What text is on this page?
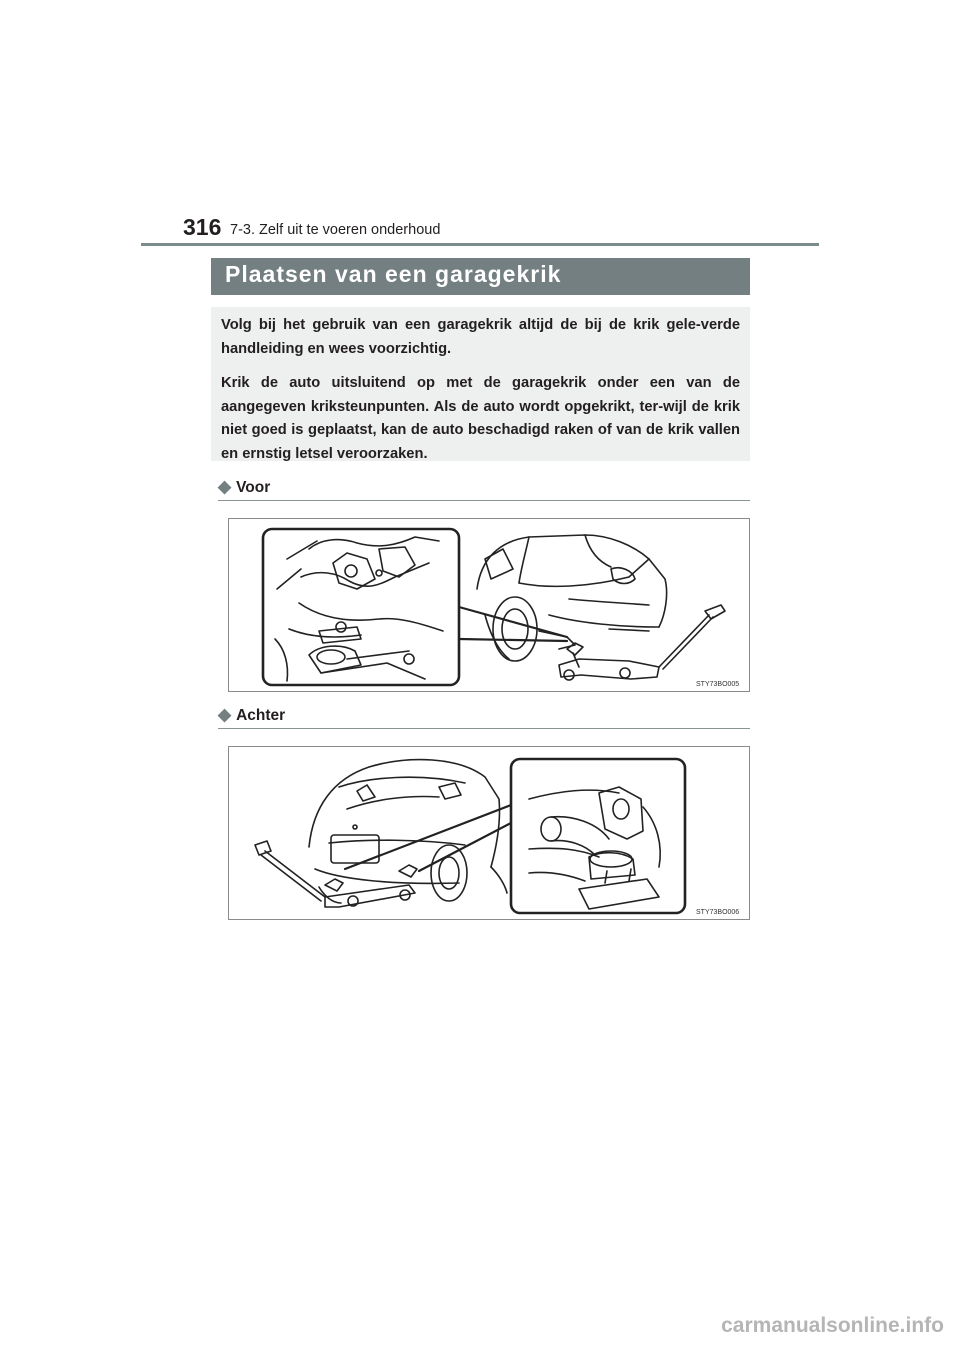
316 7-3. Zelf uit te voeren onderhoud
Plaatsen van een garagekrik

Volg bij het gebruik van een garagekrik altijd de bij de krik gele-verde handleiding en wees voorzichtig.

Krik de auto uitsluitend op met de garagekrik onder een van de aangegeven kriksteunpunten. Als de auto wordt opgekrikt, ter-wijl de krik niet goed is geplaatst, kan de auto beschadigd raken of van de krik vallen en ernstig letsel veroorzaken.

◆ Voor
STY73BO005
◆ Achter
STY73BO006
carmanualsonline.info
